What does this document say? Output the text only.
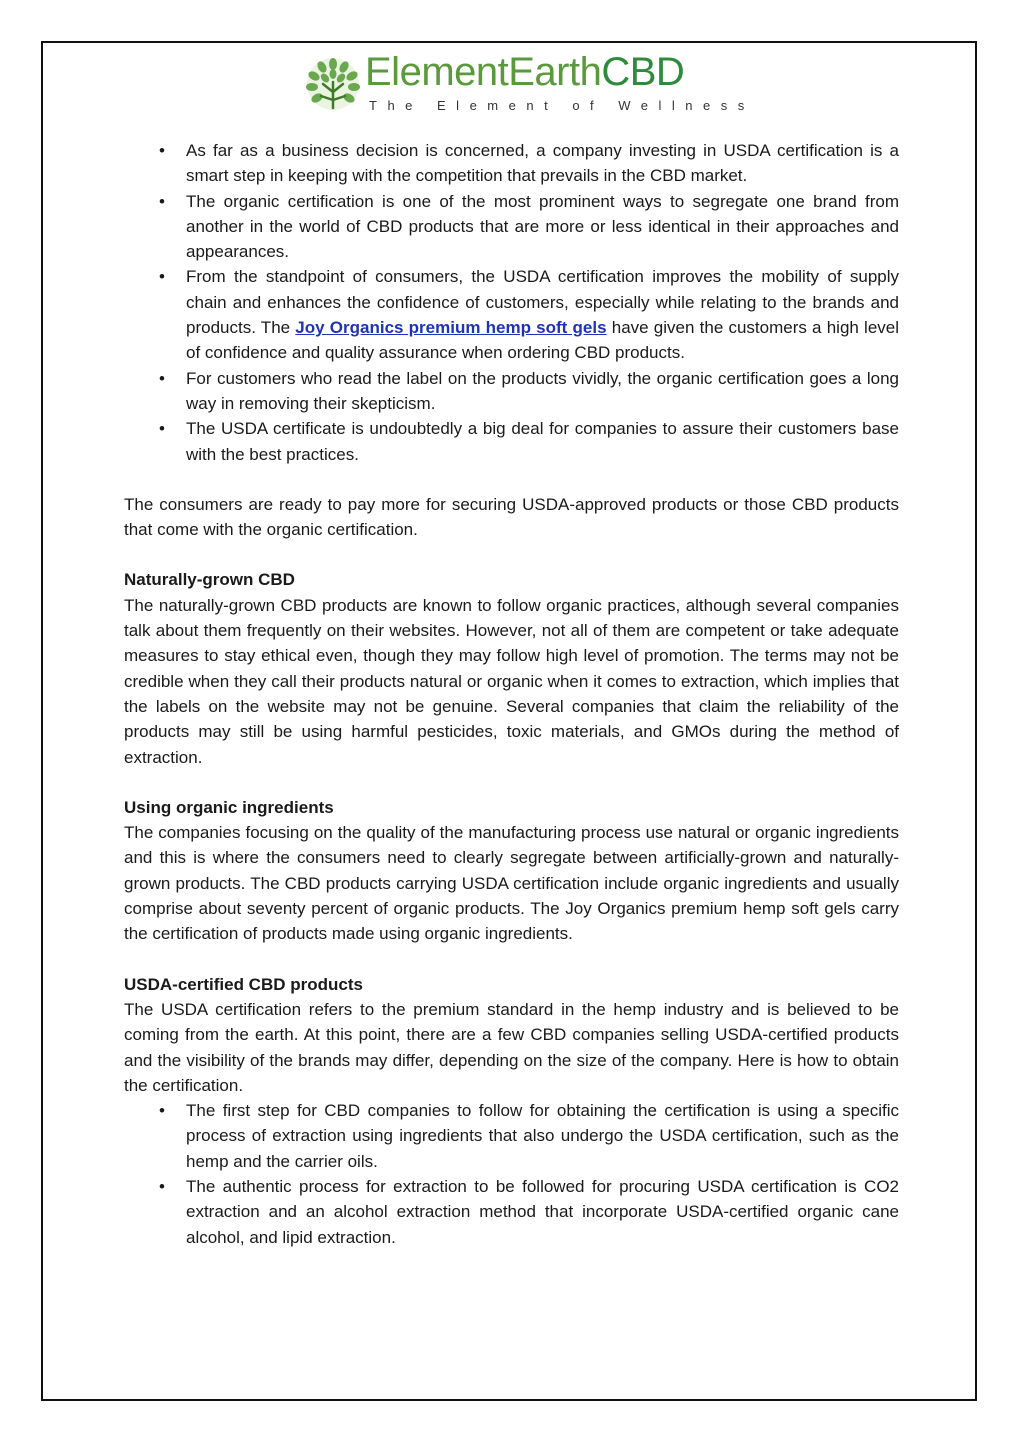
ElementEarthCBD
The Element of Wellness
• As far as a business decision is concerned, a company investing in USDA certification is a smart step in keeping with the competition that prevails in the CBD market.
• The organic certification is one of the most prominent ways to segregate one brand from another in the world of CBD products that are more or less identical in their approaches and appearances.
• From the standpoint of consumers, the USDA certification improves the mobility of supply chain and enhances the confidence of customers, especially while relating to the brands and products. The Joy Organics premium hemp soft gels have given the customers a high level of confidence and quality assurance when ordering CBD products.
• For customers who read the label on the products vividly, the organic certification goes a long way in removing their skepticism.
• The USDA certificate is undoubtedly a big deal for companies to assure their customers base with the best practices.

The consumers are ready to pay more for securing USDA-approved products or those CBD products that come with the organic certification.

Naturally-grown CBD

The naturally-grown CBD products are known to follow organic practices, although several companies talk about them frequently on their websites. However, not all of them are competent or take adequate measures to stay ethical even, though they may follow high level of promotion. The terms may not be credible when they call their products natural or organic when it comes to extraction, which implies that the labels on the website may not be genuine. Several companies that claim the reliability of the products may still be using harmful pesticides, toxic materials, and GMOs during the method of extraction.

Using organic ingredients

The companies focusing on the quality of the manufacturing process use natural or organic ingredients and this is where the consumers need to clearly segregate between artificially-grown and naturally-grown products. The CBD products carrying USDA certification include organic ingredients and usually comprise about seventy percent of organic products. The Joy Organics premium hemp soft gels carry the certification of products made using organic ingredients.

USDA-certified CBD products

The USDA certification refers to the premium standard in the hemp industry and is believed to be coming from the earth. At this point, there are a few CBD companies selling USDA-certified products and the visibility of the brands may differ, depending on the size of the company. Here is how to obtain the certification.

• The first step for CBD companies to follow for obtaining the certification is using a specific process of extraction using ingredients that also undergo the USDA certification, such as the hemp and the carrier oils.
• The authentic process for extraction to be followed for procuring USDA certification is CO2 extraction and an alcohol extraction method that incorporate USDA-certified organic cane alcohol, and lipid extraction.
